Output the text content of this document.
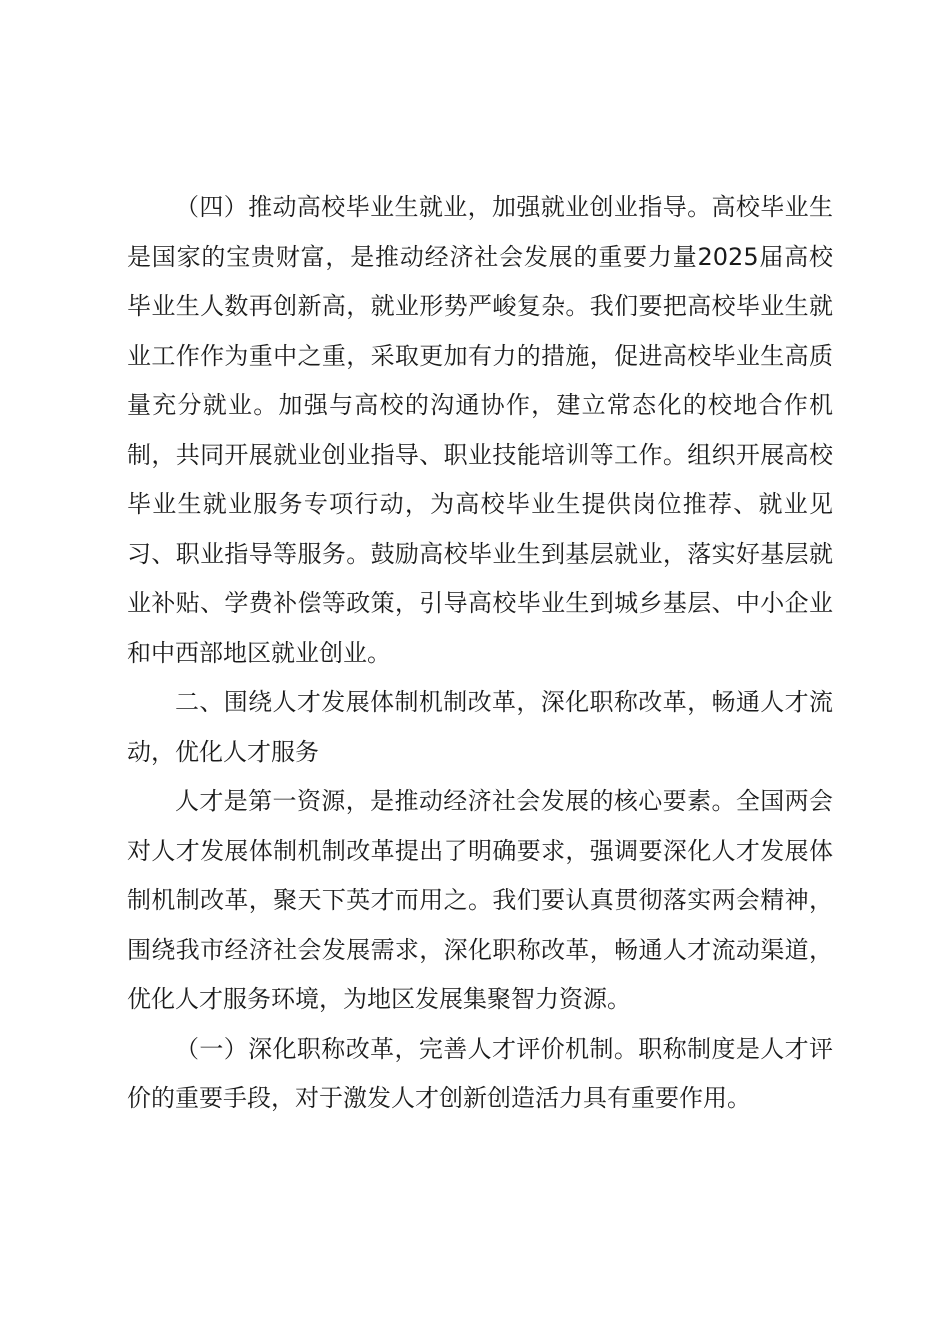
（四）推动高校毕业生就业，加强就业创业指导。高校毕业生是国家的宝贵财富，是推动经济社会发展的重要力量2025届高校毕业生人数再创新高，就业形势严峻复杂。我们要把高校毕业生就业工作作为重中之重，采取更加有力的措施，促进高校毕业生高质量充分就业。加强与高校的沟通协作，建立常态化的校地合作机制，共同开展就业创业指导、职业技能培训等工作。组织开展高校毕业生就业服务专项行动，为高校毕业生提供岗位推荐、就业见习、职业指导等服务。鼓励高校毕业生到基层就业，落实好基层就业补贴、学费补偿等政策，引导高校毕业生到城乡基层、中小企业和中西部地区就业创业。

二、围绕人才发展体制机制改革，深化职称改革，畅通人才流动，优化人才服务

人才是第一资源，是推动经济社会发展的核心要素。全国两会对人才发展体制机制改革提出了明确要求，强调要深化人才发展体制机制改革，聚天下英才而用之。我们要认真贯彻落实两会精神，围绕我市经济社会发展需求，深化职称改革，畅通人才流动渠道，优化人才服务环境，为地区发展集聚智力资源。

（一）深化职称改革，完善人才评价机制。职称制度是人才评价的重要手段，对于激发人才创新创造活力具有重要作用。
